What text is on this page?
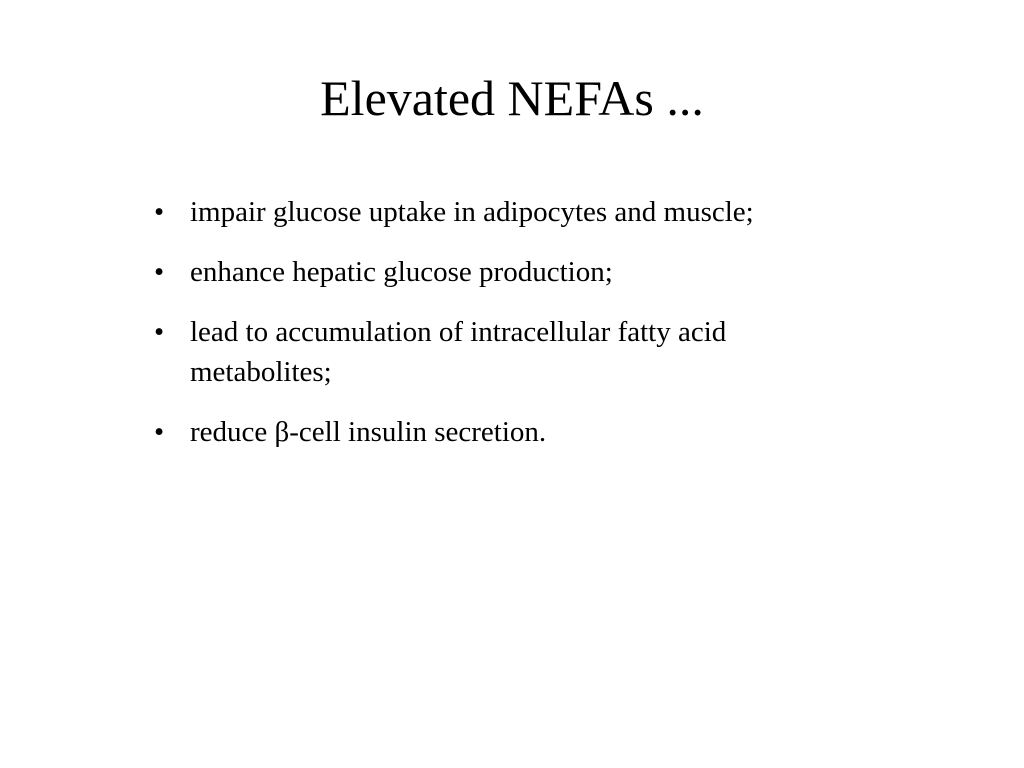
Elevated NEFAs ...
• impair glucose uptake in adipocytes and muscle;
• enhance hepatic glucose production;
• lead to accumulation of intracellular fatty acid metabolites;
• reduce β-cell insulin secretion.
